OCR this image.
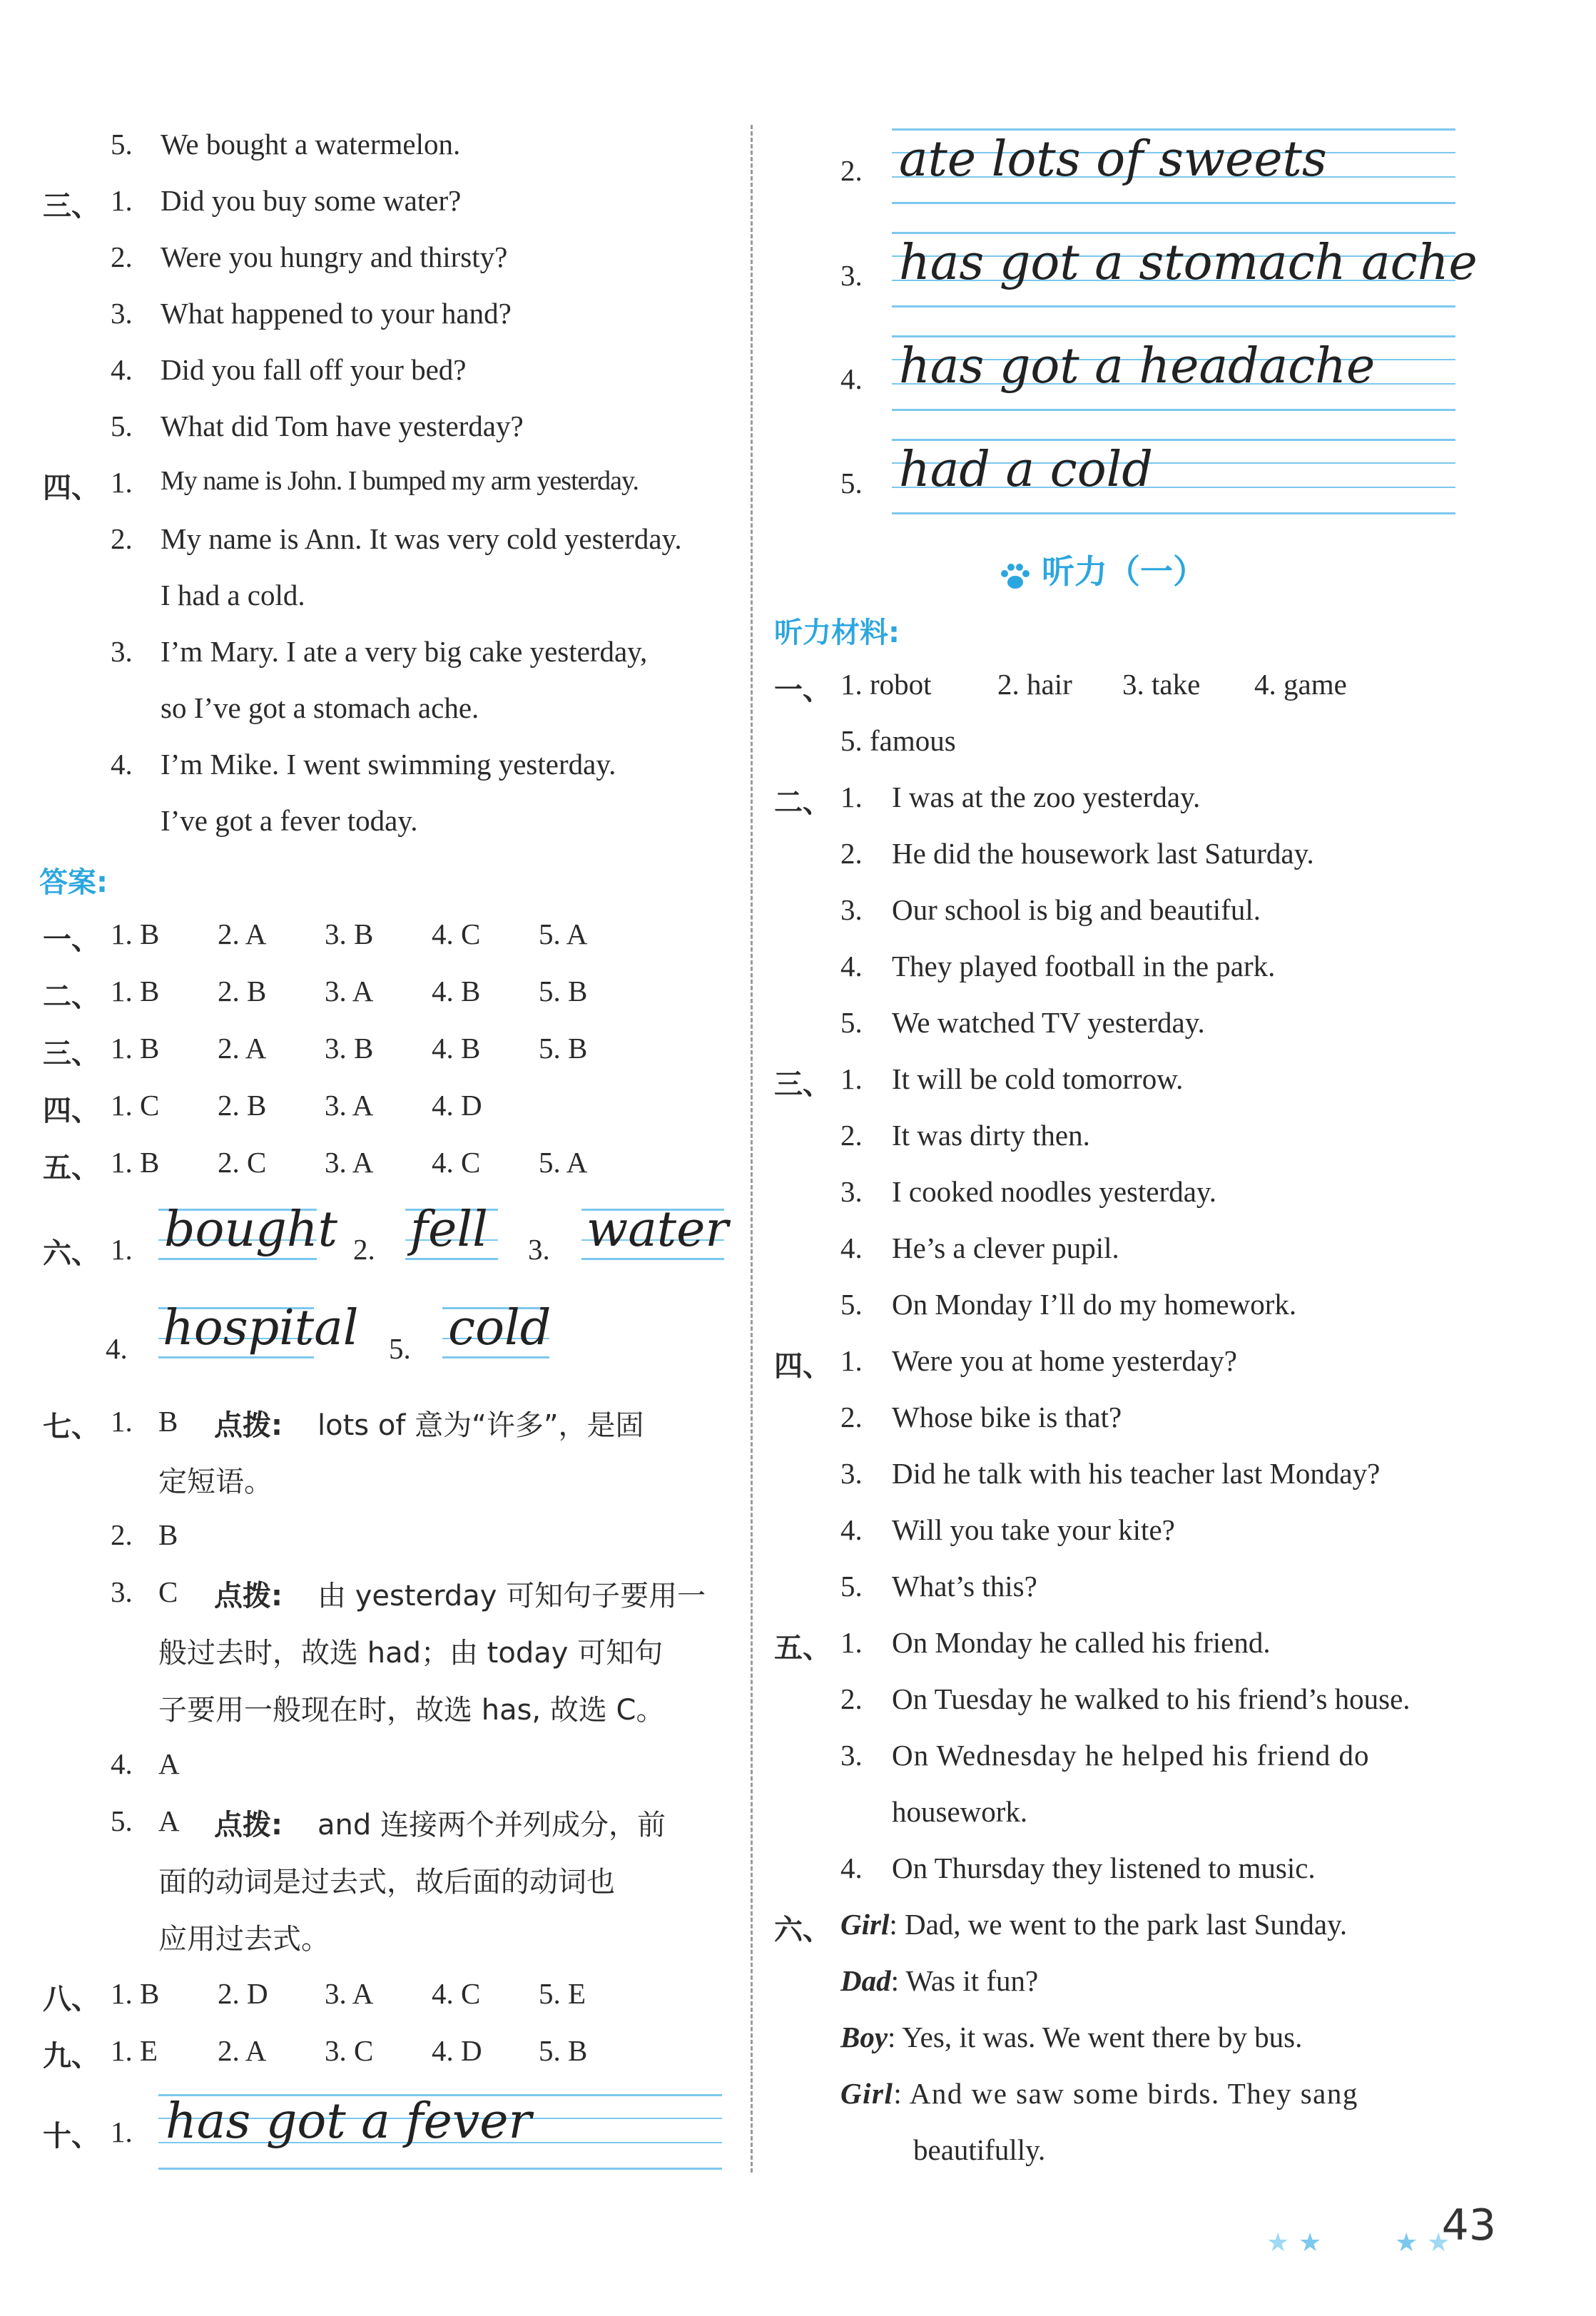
5. We bought a watermelon.
三、 1. Did you buy some water?
2. Were you hungry and thirsty?
3. What happened to your hand?
4. Did you fall off your bed?
5. What did Tom have yesterday?
四、 1. My name is John. I bumped my arm yesterday.
2. My name is Ann. It was very cold yesterday.
I had a cold.
3. I’m Mary. I ate a very big cake yesterday,
so I’ve got a stomach ache.
4. I’m Mike. I went swimming yesterday.
I’ve got a fever today.
答案:
一、 1. B 2. A 3. B 4. C 5. A
二、 1. B 2. B 3. A 4. B 5. B
三、 1. B 2. A 3. B 4. B 5. B
四、 1. C 2. B 3. A 4. D
五、 1. B 2. C 3. A 4. C 5. A
六、 1. bought 2. fell 3. water
4. hospital 5. cold
七、 1. B 点拨: lots of 意为“许多”，是固
定短语。
2. B
3. C 点拨: 由 yesterday 可知句子要用一
般过去时，故选 had；由 today 可知句
子要用一般现在时，故选 has, 故选 C。
4. A
5. A 点拨: and 连接两个并列成分，前
面的动词是过去式，故后面的动词也
应用过去式。
八、 1. B 2. D 3. A 4. C 5. E
九、 1. E 2. A 3. C 4. D 5. B
十、 1. has got a fever
2. ate lots of sweets
3. has got a stomach ache
4. has got a headache
5. had a cold
听力（一）
听力材料:
一、 1. robot 2. hair 3. take 4. game
5. famous
二、 1. I was at the zoo yesterday.
2. He did the housework last Saturday.
3. Our school is big and beautiful.
4. They played football in the park.
5. We watched TV yesterday.
三、 1. It will be cold tomorrow.
2. It was dirty then.
3. I cooked noodles yesterday.
4. He’s a clever pupil.
5. On Monday I’ll do my homework.
四、 1. Were you at home yesterday?
2. Whose bike is that?
3. Did he talk with his teacher last Monday?
4. Will you take your kite?
5. What’s this?
五、 1. On Monday he called his friend.
2. On Tuesday he walked to his friend’s house.
3. On Wednesday he helped his friend do
housework.
4. On Thursday they listened to music.
六、 Girl: Dad, we went to the park last Sunday.
Dad: Was it fun?
Boy: Yes, it was. We went there by bus.
Girl: And we saw some birds. They sang
beautifully.
★ ★	43
★ ★
